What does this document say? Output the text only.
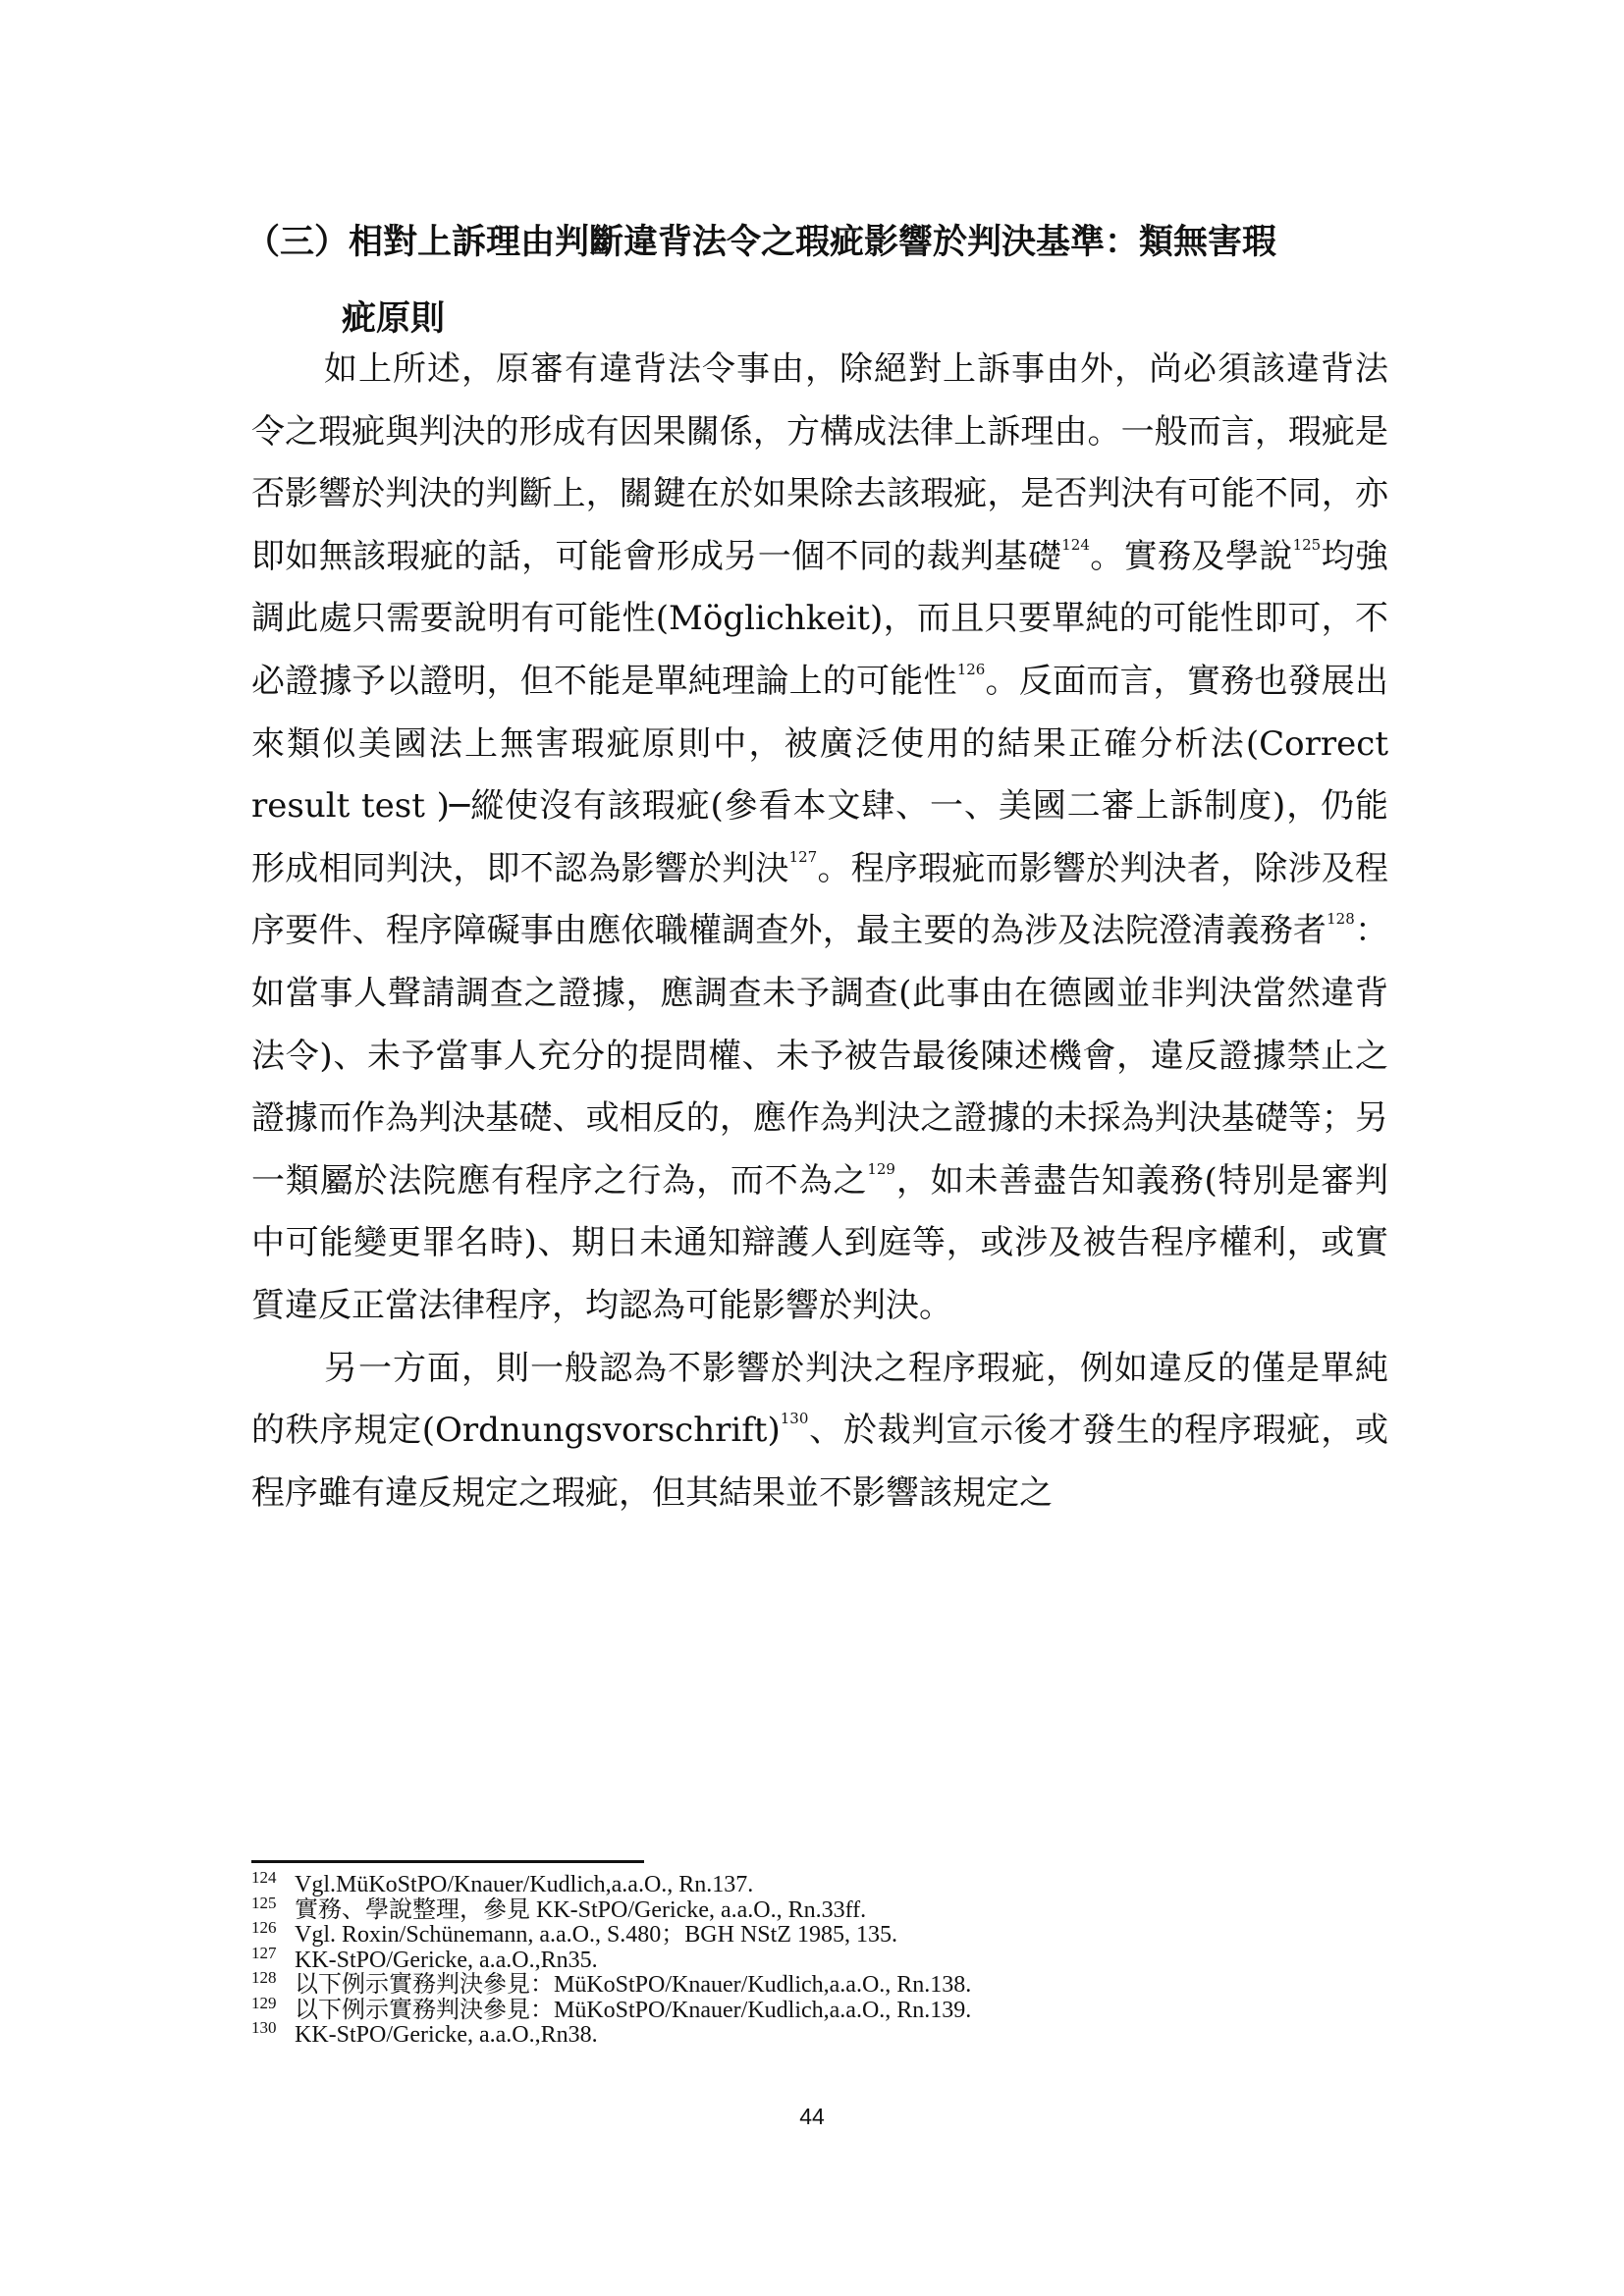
（三）相對上訴理由判斷違背法令之瑕疵影響於判決基準：類無害瑕
疵原則

如上所述，原審有違背法令事由，除絕對上訴事由外，尚必須該違背法令之瑕疵與判決的形成有因果關係，方構成法律上訴理由。一般而言，瑕疵是否影響於判決的判斷上，關鍵在於如果除去該瑕疵，是否判決有可能不同，亦即如無該瑕疵的話，可能會形成另一個不同的裁判基礎$^{124}$。實務及學說$^{125}$均強調此處只需要說明有可能性(Möglichkeit)，而且只要單純的可能性即可，不必證據予以證明，但不能是單純理論上的可能性$^{126}$。反面而言，實務也發展出來類似美國法上無害瑕疵原則中，被廣泛使用的結果正確分析法(Correct result test )─縱使沒有該瑕疵(參看本文肆、一、美國二審上訴制度)，仍能形成相同判決，即不認為影響於判決$^{127}$。程序瑕疵而影響於判決者，除涉及程序要件、程序障礙事由應依職權調查外，最主要的為涉及法院澄清義務者$^{128}$：如當事人聲請調查之證據，應調查未予調查(此事由在德國並非判決當然違背法令)、未予當事人充分的提問權、未予被告最後陳述機會，違反證據禁止之證據而作為判決基礎、或相反的，應作為判決之證據的未採為判決基礎等；另一類屬於法院應有程序之行為，而不為之$^{129}$，如未善盡告知義務(特別是審判中可能變更罪名時)、期日未通知辯護人到庭等，或涉及被告程序權利，或實質違反正當法律程序，均認為可能影響於判決。

另一方面，則一般認為不影響於判決之程序瑕疵，例如違反的僅是單純的秩序規定(Ordnungsvorschrift)$^{130}$、於裁判宣示後才發生的程序瑕疵，或程序雖有違反規定之瑕疵，但其結果並不影響該規定之

124 Vgl.MüKoStPO/Knauer/Kudlich,a.a.O., Rn.137.
125 實務、學說整理，參見 KK-StPO/Gericke, a.a.O., Rn.33ff.
126 Vgl. Roxin/Schünemann, a.a.O., S.480；BGH NStZ 1985, 135.
127 KK-StPO/Gericke, a.a.O.,Rn35.
128 以下例示實務判決參見：MüKoStPO/Knauer/Kudlich,a.a.O., Rn.138.
129 以下例示實務判決參見：MüKoStPO/Knauer/Kudlich,a.a.O., Rn.139.
130 KK-StPO/Gericke, a.a.O.,Rn38.
44
